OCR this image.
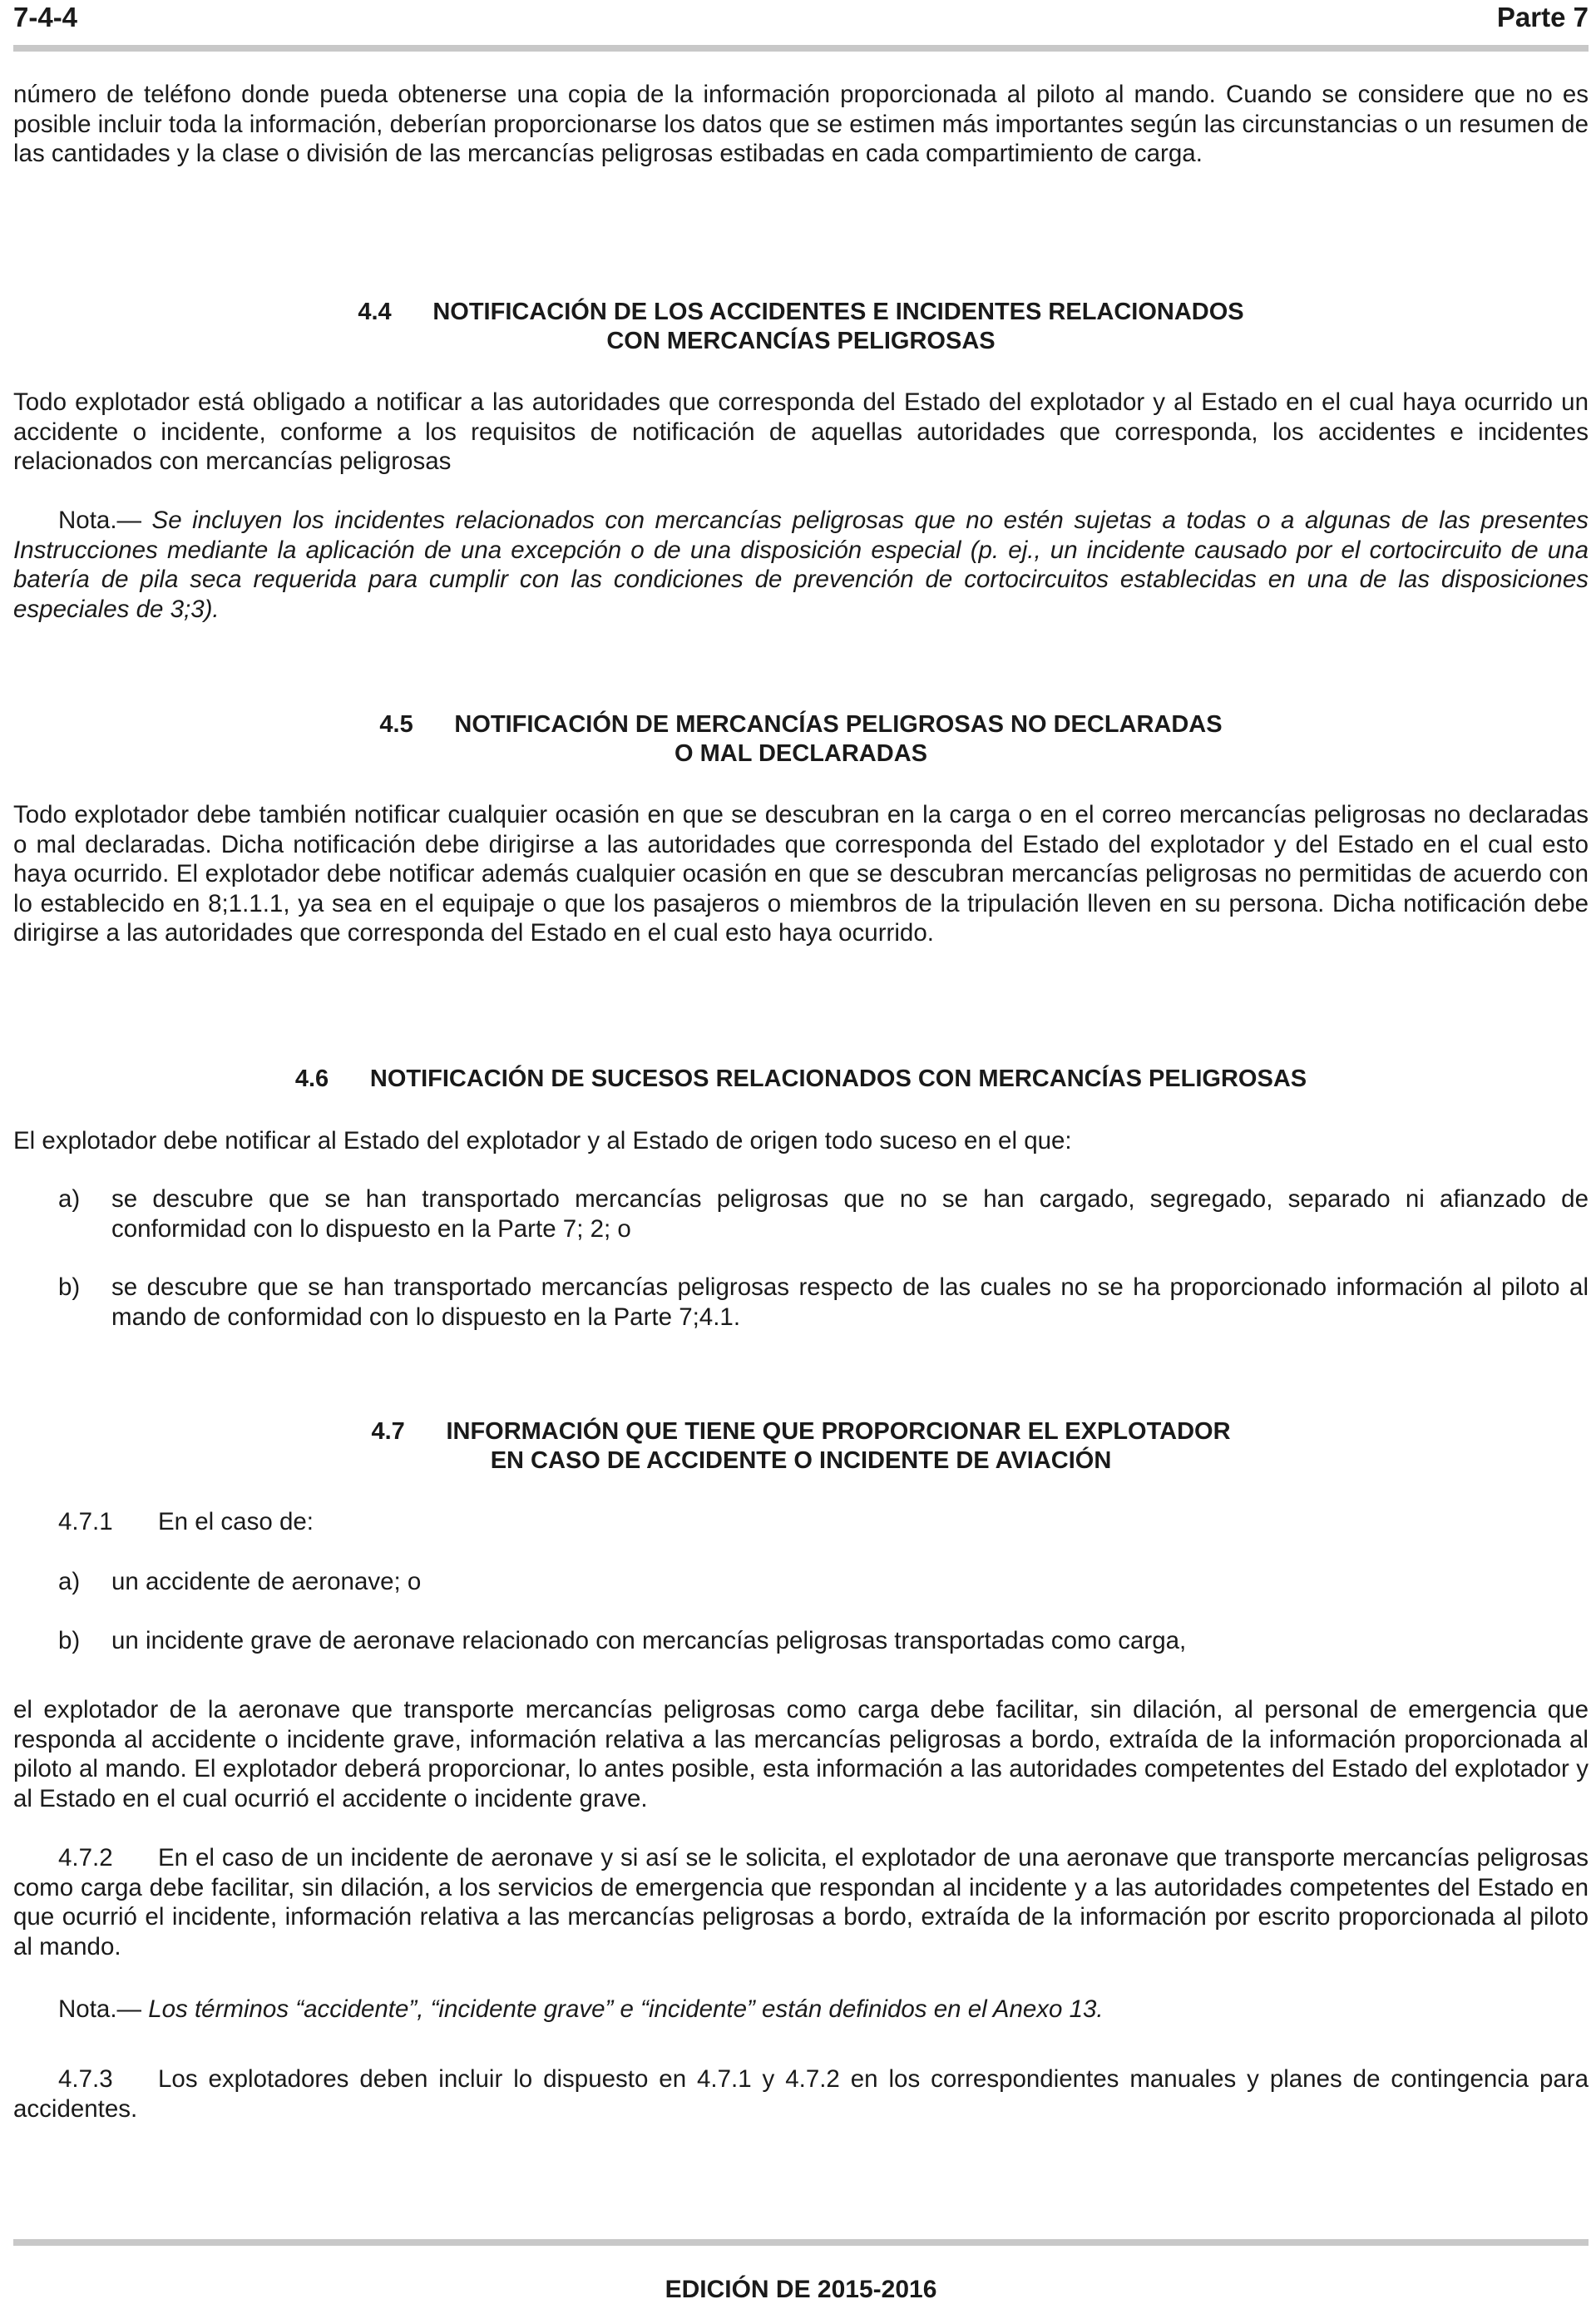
7-4-4	Parte 7

número de teléfono donde pueda obtenerse una copia de la información proporcionada al piloto al mando. Cuando se considere que no es posible incluir toda la información, deberían proporcionarse los datos que se estimen más importantes según las circunstancias o un resumen de las cantidades y la clase o división de las mercancías peligrosas estibadas en cada compartimiento de carga.

4.4 NOTIFICACIÓN DE LOS ACCIDENTES E INCIDENTES RELACIONADOS
CON MERCANCÍAS PELIGROSAS

Todo explotador está obligado a notificar a las autoridades que corresponda del Estado del explotador y al Estado en el cual haya ocurrido un accidente o incidente, conforme a los requisitos de notificación de aquellas autoridades que corresponda, los accidentes e incidentes relacionados con mercancías peligrosas

Nota.— Se incluyen los incidentes relacionados con mercancías peligrosas que no estén sujetas a todas o a algunas de las presentes Instrucciones mediante la aplicación de una excepción o de una disposición especial (p. ej., un incidente causado por el cortocircuito de una batería de pila seca requerida para cumplir con las condiciones de prevención de cortocircuitos establecidas en una de las disposiciones especiales de 3;3).

4.5 NOTIFICACIÓN DE MERCANCÍAS PELIGROSAS NO DECLARADAS
O MAL DECLARADAS

Todo explotador debe también notificar cualquier ocasión en que se descubran en la carga o en el correo mercancías peligrosas no declaradas o mal declaradas. Dicha notificación debe dirigirse a las autoridades que corresponda del Estado del explotador y del Estado en el cual esto haya ocurrido. El explotador debe notificar además cualquier ocasión en que se descubran mercancías peligrosas no permitidas de acuerdo con lo establecido en 8;1.1.1, ya sea en el equipaje o que los pasajeros o miembros de la tripulación lleven en su persona. Dicha notificación debe dirigirse a las autoridades que corresponda del Estado en el cual esto haya ocurrido.

4.6 NOTIFICACIÓN DE SUCESOS RELACIONADOS CON MERCANCÍAS PELIGROSAS

El explotador debe notificar al Estado del explotador y al Estado de origen todo suceso en el que:

a) se descubre que se han transportado mercancías peligrosas que no se han cargado, segregado, separado ni afianzado de conformidad con lo dispuesto en la Parte 7; 2; o
b) se descubre que se han transportado mercancías peligrosas respecto de las cuales no se ha proporcionado información al piloto al mando de conformidad con lo dispuesto en la Parte 7;4.1.
4.7 INFORMACIÓN QUE TIENE QUE PROPORCIONAR EL EXPLOTADOR
EN CASO DE ACCIDENTE O INCIDENTE DE AVIACIÓN
4.7.1 En el caso de:
a) un accidente de aeronave; o
b) un incidente grave de aeronave relacionado con mercancías peligrosas transportadas como carga,

el explotador de la aeronave que transporte mercancías peligrosas como carga debe facilitar, sin dilación, al personal de emergencia que responda al accidente o incidente grave, información relativa a las mercancías peligrosas a bordo, extraída de la información proporcionada al piloto al mando. El explotador deberá proporcionar, lo antes posible, esta información a las autoridades competentes del Estado del explotador y al Estado en el cual ocurrió el accidente o incidente grave.

4.7.2 En el caso de un incidente de aeronave y si así se le solicita, el explotador de una aeronave que transporte mercancías peligrosas como carga debe facilitar, sin dilación, a los servicios de emergencia que respondan al incidente y a las autoridades competentes del Estado en que ocurrió el incidente, información relativa a las mercancías peligrosas a bordo, extraída de la información por escrito proporcionada al piloto al mando.

Nota.— Los términos “accidente”, “incidente grave” e “incidente” están definidos en el Anexo 13.

4.7.3 Los explotadores deben incluir lo dispuesto en 4.7.1 y 4.7.2 en los correspondientes manuales y planes de contingencia para accidentes.

EDICIÓN DE 2015-2016
